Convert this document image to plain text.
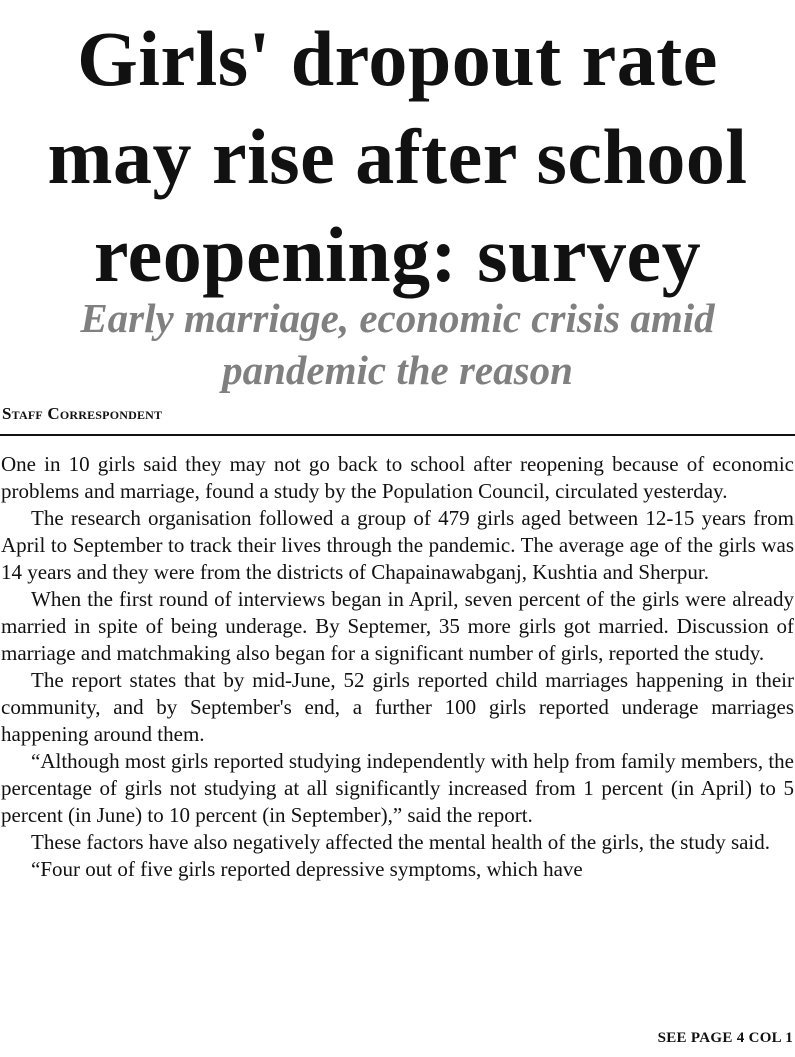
Girls' dropout rate may rise after school reopening: survey
Early marriage, economic crisis amid pandemic the reason
Staff Correspondent

One in 10 girls said they may not go back to school after reopening because of economic problems and marriage, found a study by the Population Council, circulated yesterday.

The research organisation followed a group of 479 girls aged between 12-15 years from April to September to track their lives through the pandemic. The average age of the girls was 14 years and they were from the districts of Chapainawabganj, Kushtia and Sherpur.

When the first round of interviews began in April, seven percent of the girls were already married in spite of being underage. By Septemer, 35 more girls got married. Discussion of marriage and matchmaking also began for a significant number of girls, reported the study.

The report states that by mid-June, 52 girls reported child marriages happening in their community, and by September's end, a further 100 girls reported underage marriages happening around them.

“Although most girls reported studying independently with help from family members, the percentage of girls not studying at all significantly increased from 1 percent (in April) to 5 percent (in June) to 10 percent (in September),” said the report.

These factors have also negatively affected the mental health of the girls, the study said.

“Four out of five girls reported depressive symptoms, which have

SEE PAGE 4 COL 1
